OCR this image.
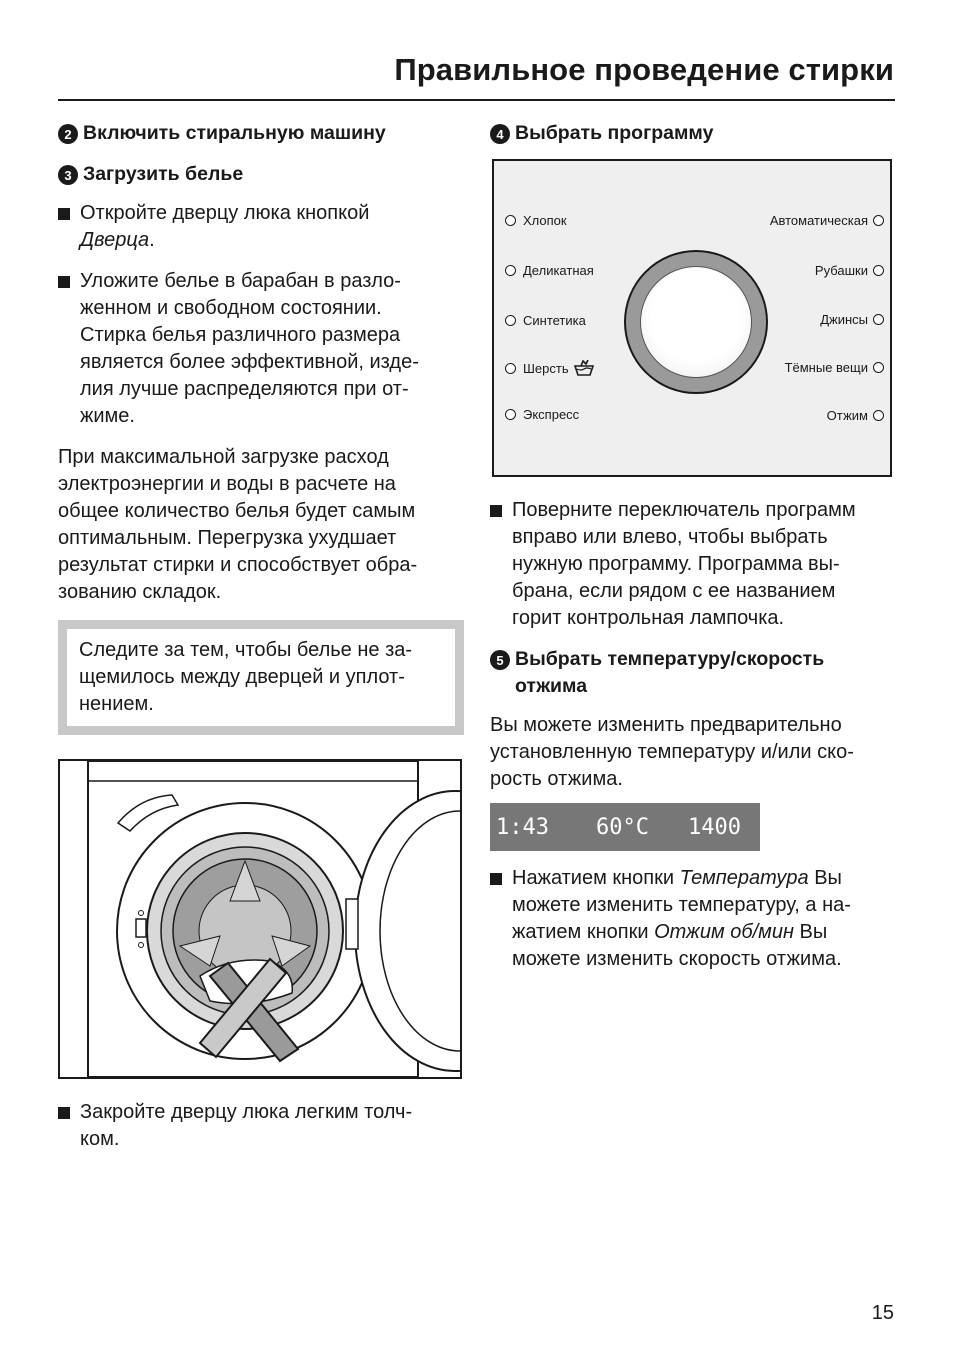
Правильное проведение стирки
2 Включить стиральную машину
3 Загрузить белье
Откройте дверцу люка кнопкой
Дверца.
Уложите белье в барабан в разло-
женном и свободном состоянии.
Стирка белья различного размера
является более эффективной, изде-
лия лучше распределяются при от-
жиме.

При максимальной загрузке расход
электроэнергии и воды в расчете на
общее количество белья будет самым
оптимальным. Перегрузка ухудшает
результат стирки и способствует обра-
зованию складок.

Следите за тем, чтобы белье не за-
щемилось между дверцей и уплот-
нением.
Закройте дверцу люка легким толч-
ком.
4 Выбрать программу
Хлопок
Деликатная
Синтетика
Шерсть
Экспресс
Автоматическая
Рубашки
Джинсы
Тёмные вещи
Отжим
Поверните переключатель программ
вправо или влево, чтобы выбрать
нужную программу. Программа вы-
брана, если рядом с ее названием
горит контрольная лампочка.
5 Выбрать температуру/скорость
отжима

Вы можете изменить предварительно
установленную температуру и/или ско-
рость отжима.

1:43	60°C	1400
Нажатием кнопки Температура Вы
можете изменить температуру, а на-
жатием кнопки Отжим об/мин Вы
можете изменить скорость отжима.
15
